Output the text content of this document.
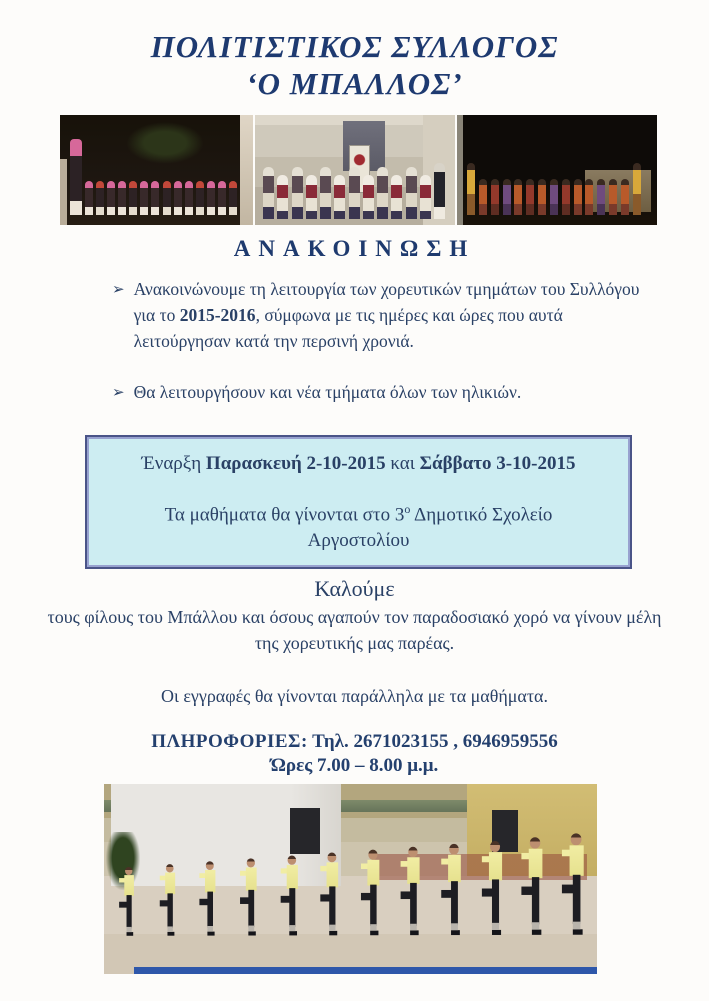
ΠΟΛΙΤΙΣΤΙΚΟΣ ΣΥΛΛΟΓΟΣ
‘Ο ΜΠΑΛΛΟΣ’
ΑΝΑΚΟΙΝΩΣΗ
➢ Ανακοινώνουμε τη λειτουργία των χορευτικών τμημάτων του Συλλόγου για το 2015-2016, σύμφωνα με τις ημέρες και ώρες που αυτά λειτούργησαν κατά την περσινή χρονιά.

➢ Θα λειτουργήσουν και νέα τμήματα όλων των ηλικιών.

Έναρξη Παρασκευή 2-10-2015 και Σάββατο 3-10-2015

Τα μαθήματα θα γίνονται στο $3^o$ Δημοτικό Σχολείο Αργοστολίου

Καλούμε

τους φίλους του Μπάλλου και όσους αγαπούν τον παραδοσιακό χορό να γίνουν μέλη της χορευτικής μας παρέας.

Οι εγγραφές θα γίνονται παράλληλα με τα μαθήματα.

ΠΛΗΡΟΦΟΡΙΕΣ: Τηλ. 2671023155 , 6946959556

Ώρες 7.00 – 8.00 μ.μ.
